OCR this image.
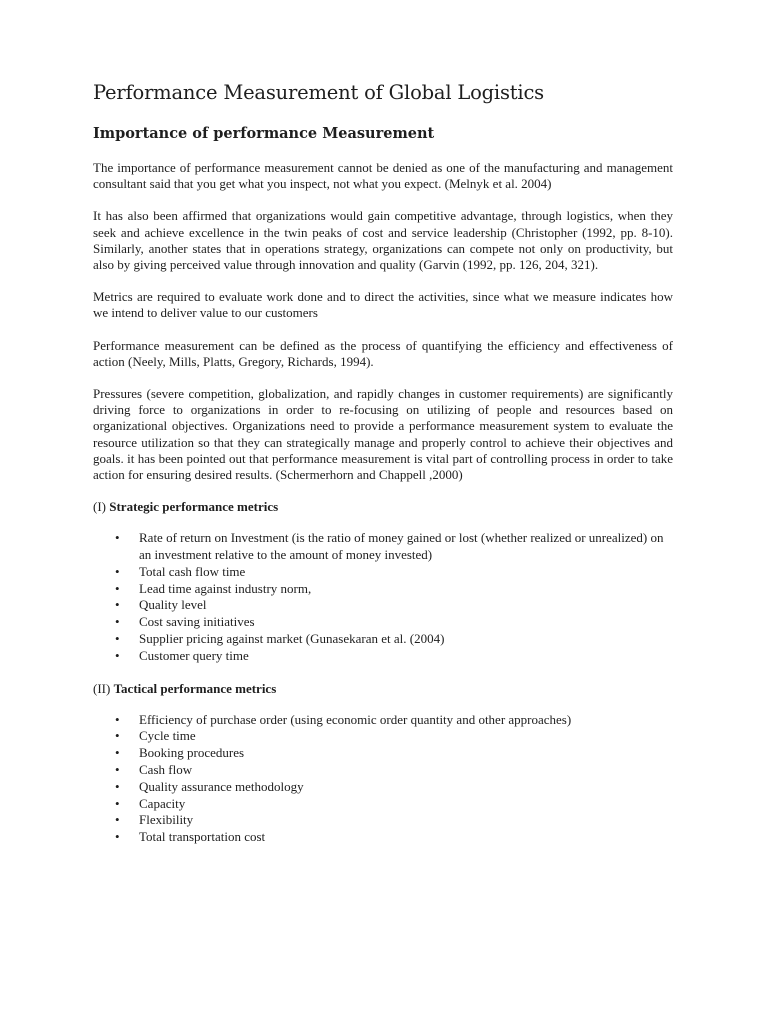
Performance Measurement of Global Logistics
Importance of performance Measurement

The importance of performance measurement cannot be denied as one of the manufacturing and management consultant said that you get what you inspect, not what you expect. (Melnyk et al. 2004)

It has also been affirmed that organizations would gain competitive advantage, through logistics, when they seek and achieve excellence in the twin peaks of cost and service leadership (Christopher (1992, pp. 8-10). Similarly, another states that in operations strategy, organizations can compete not only on productivity, but also by giving perceived value through innovation and quality (Garvin (1992, pp. 126, 204, 321).

Metrics are required to evaluate work done and to direct the activities, since what we measure indicates how we intend to deliver value to our customers

Performance measurement can be defined as the process of quantifying the efficiency and effectiveness of action (Neely, Mills, Platts, Gregory, Richards, 1994).

Pressures (severe competition, globalization, and rapidly changes in customer requirements) are significantly driving force to organizations in order to re-focusing on utilizing of people and resources based on organizational objectives. Organizations need to provide a performance measurement system to evaluate the resource utilization so that they can strategically manage and properly control to achieve their objectives and goals. it has been pointed out that performance measurement is vital part of controlling process in order to take action for ensuring desired results. (Schermerhorn and Chappell ,2000)

(I) Strategic performance metrics
• Rate of return on Investment (is the ratio of money gained or lost (whether realized or unrealized) on an investment relative to the amount of money invested)
• Total cash flow time
• Lead time against industry norm,
• Quality level
• Cost saving initiatives
• Supplier pricing against market (Gunasekaran et al. (2004)
• Customer query time
(II) Tactical performance metrics
• Efficiency of purchase order (using economic order quantity and other approaches)
• Cycle time
• Booking procedures
• Cash flow
• Quality assurance methodology
• Capacity
• Flexibility
• Total transportation cost
